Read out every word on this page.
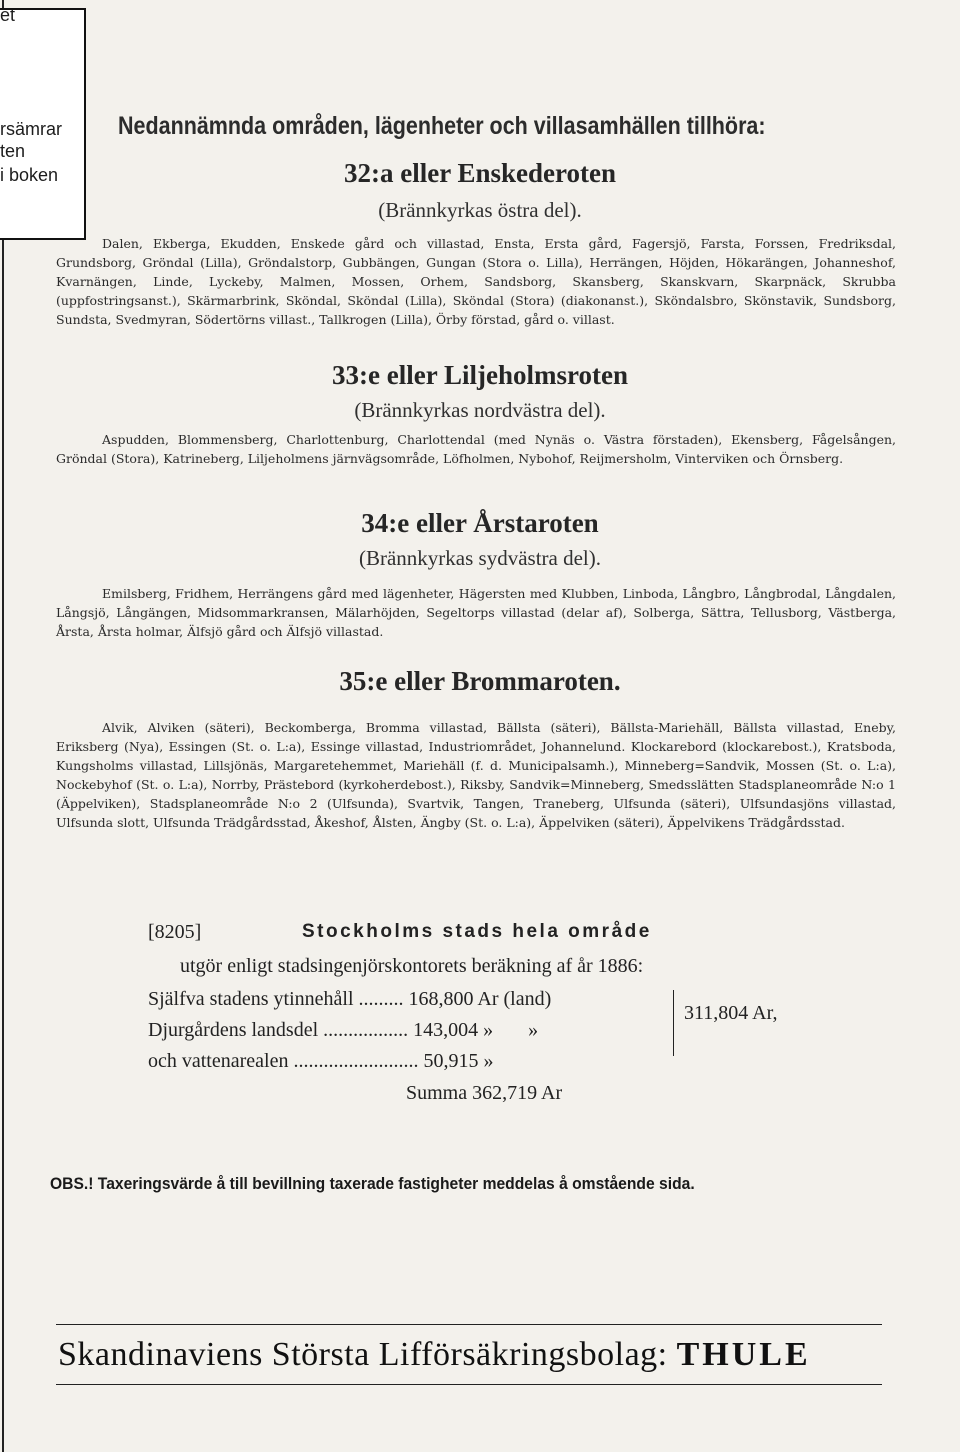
et
rsämrar
ten
i boken
Nedannämnda områden, lägenheter och villasamhällen tillhöra:
32:a eller Enskederoten
(Brännkyrkas östra del).
Dalen, Ekberga, Ekudden, Enskede gård och villastad, Ensta, Ersta gård, Fagersjö, Farsta, Forssen, Fredriksdal, Grundsborg, Gröndal (Lilla), Gröndalstorp, Gubbängen, Gungan (Stora o. Lilla), Herrängen, Höjden, Hökarängen, Johanneshof, Kvarnängen, Linde, Lyckeby, Malmen, Mossen, Orhem, Sandsborg, Skansberg, Skanskvarn, Skarpnäck, Skrubba (uppfostringsanst.), Skärmarbrink, Sköndal, Sköndal (Lilla), Sköndal (Stora) (diakonanst.), Sköndalsbro, Skönstavik, Sundsborg, Sundsta, Svedmyran, Södertörns villast., Tallkrogen (Lilla), Örby förstad, gård o. villast.
33:e eller Liljeholmsroten
(Brännkyrkas nordvästra del).
Aspudden, Blommensberg, Charlottenburg, Charlottendal (med Nynäs o. Västra förstaden), Ekensberg, Fågelsången, Gröndal (Stora), Katrineberg, Liljeholmens järnvägsområde, Löfholmen, Nybohof, Reijmersholm, Vinterviken och Örnsberg.
34:e eller Årstaroten
(Brännkyrkas sydvästra del).
Emilsberg, Fridhem, Herrängens gård med lägenheter, Hägersten med Klubben, Linboda, Långbro, Långbrodal, Långdalen, Långsjö, Långängen, Midsommarkransen, Mälarhöjden, Segeltorps villastad (delar af), Solberga, Sättra, Tellusborg, Västberga, Årsta, Årsta holmar, Älfsjö gård och Älfsjö villastad.
35:e eller Brommaroten.
Alvik, Alviken (säteri), Beckomberga, Bromma villastad, Bällsta (säteri), Bällsta-Mariehäll, Bällsta villastad, Eneby, Eriksberg (Nya), Essingen (St. o. L:a), Essinge villastad, Industriområdet, Johannelund. Klockarebord (klockarebost.), Kratsboda, Kungsholms villastad, Lillsjönäs, Margaretehemmet, Mariehäll (f. d. Municipalsamh.), Minneberg=Sandvik, Mossen (St. o. L:a), Nockebyhof (St. o. L:a), Norrby, Prästebord (kyrkoherdebost.), Riksby, Sandvik=Minneberg, Smedsslätten Stadsplaneområde N:o 1 (Äppelviken), Stadsplaneområde N:o 2 (Ulfsunda), Svartvik, Tangen, Traneberg, Ulfsunda (säteri), Ulfsundasjöns villastad, Ulfsunda slott, Ulfsunda Trädgårdsstad, Åkeshof, Ålsten, Ängby (St. o. L:a), Äppelviken (säteri), Äppelvikens Trädgårdsstad.
[8205]	Stockholms stads hela område
utgör enligt stadsingenjörskontorets beräkning af år 1886:
Själfva stadens ytinnehåll ......... 168,800 Ar (land)
Djurgårdens landsdel ................. 143,004 »       »
och vattenarealen ......................... 50,915 »
311,804 Ar,
Summa 362,719 Ar
OBS.! Taxeringsvärde å till bevillning taxerade fastigheter meddelas å omstående sida.
Skandinaviens Största Lifförsäkringsbolag: THULE
